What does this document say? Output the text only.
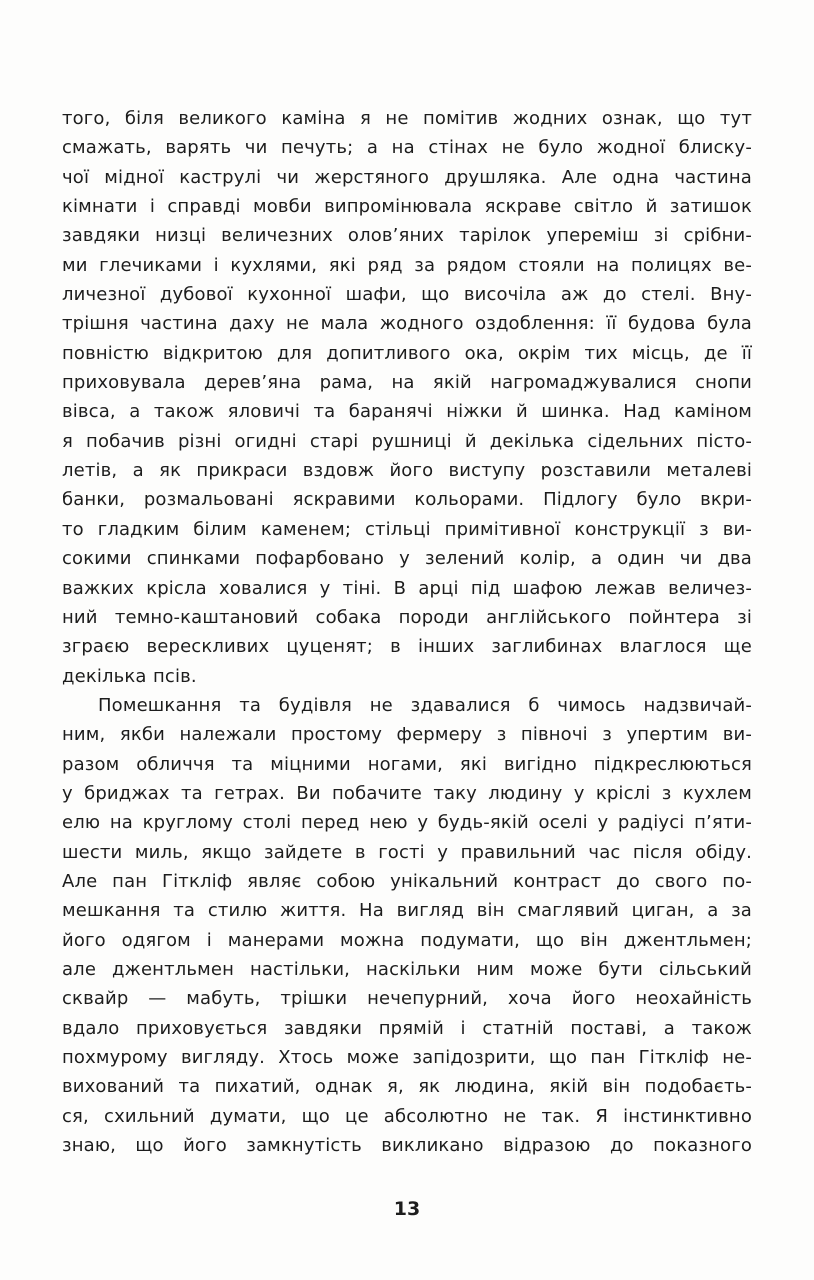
того, біля великого каміна я не помітив жодних ознак, що тут
смажать, варять чи печуть; а на стінах не було жодної блиску-
чої мідної каструлі чи жерстяного друшляка. Але одна частина
кімнати і справді мовби випромінювала яскраве світло й затишок
завдяки низці величезних олов’яних тарілок упереміш зі срібни-
ми глечиками і кухлями, які ряд за рядом стояли на полицях ве-
личезної дубової кухонної шафи, що височіла аж до стелі. Вну-
трішня частина даху не мала жодного оздоблення: її будова була
повністю відкритою для допитливого ока, окрім тих місць, де її
приховувала дерев’яна рама, на якій нагромаджувалися снопи
вівса, а також яловичі та баранячі ніжки й шинка. Над каміном
я побачив різні огидні старі рушниці й декілька сідельних пісто-
летів, а як прикраси вздовж його виступу розставили металеві
банки, розмальовані яскравими кольорами. Підлогу було вкри-
то гладким білим каменем; стільці примітивної конструкції з ви-
сокими спинками пофарбовано у зелений колір, а один чи два
важких крісла ховалися у тіні. В арці під шафою лежав величез-
ний темно-каштановий собака породи англійського пойнтера зі
зграєю верескливих цуценят; в інших заглибинах влаглося ще
декілька псів.
Помешкання та будівля не здавалися б чимось надзвичай-
ним, якби належали простому фермеру з півночі з упертим ви-
разом обличчя та міцними ногами, які вигідно підкреслюються
у бриджах та гетрах. Ви побачите таку людину у кріслі з кухлем
елю на круглому столі перед нею у будь-якій оселі у радіусі п’яти-
шести миль, якщо зайдете в гості у правильний час після обіду.
Але пан Гіткліф являє собою унікальний контраст до свого по-
мешкання та стилю життя. На вигляд він смаглявий циган, а за
його одягом і манерами можна подумати, що він джентльмен;
але джентльмен настільки, наскільки ним може бути сільський
сквайр — мабуть, трішки нечепурний, хоча його неохайність
вдало приховується завдяки прямій і статній поставі, а також
похмурому вигляду. Хтось може запідозрити, що пан Гіткліф не-
вихований та пихатий, однак я, як людина, якій він подобаєть-
ся, схильний думати, що це абсолютно не так. Я інстинктивно
знаю, що його замкнутість викликано відразою до показного
13
